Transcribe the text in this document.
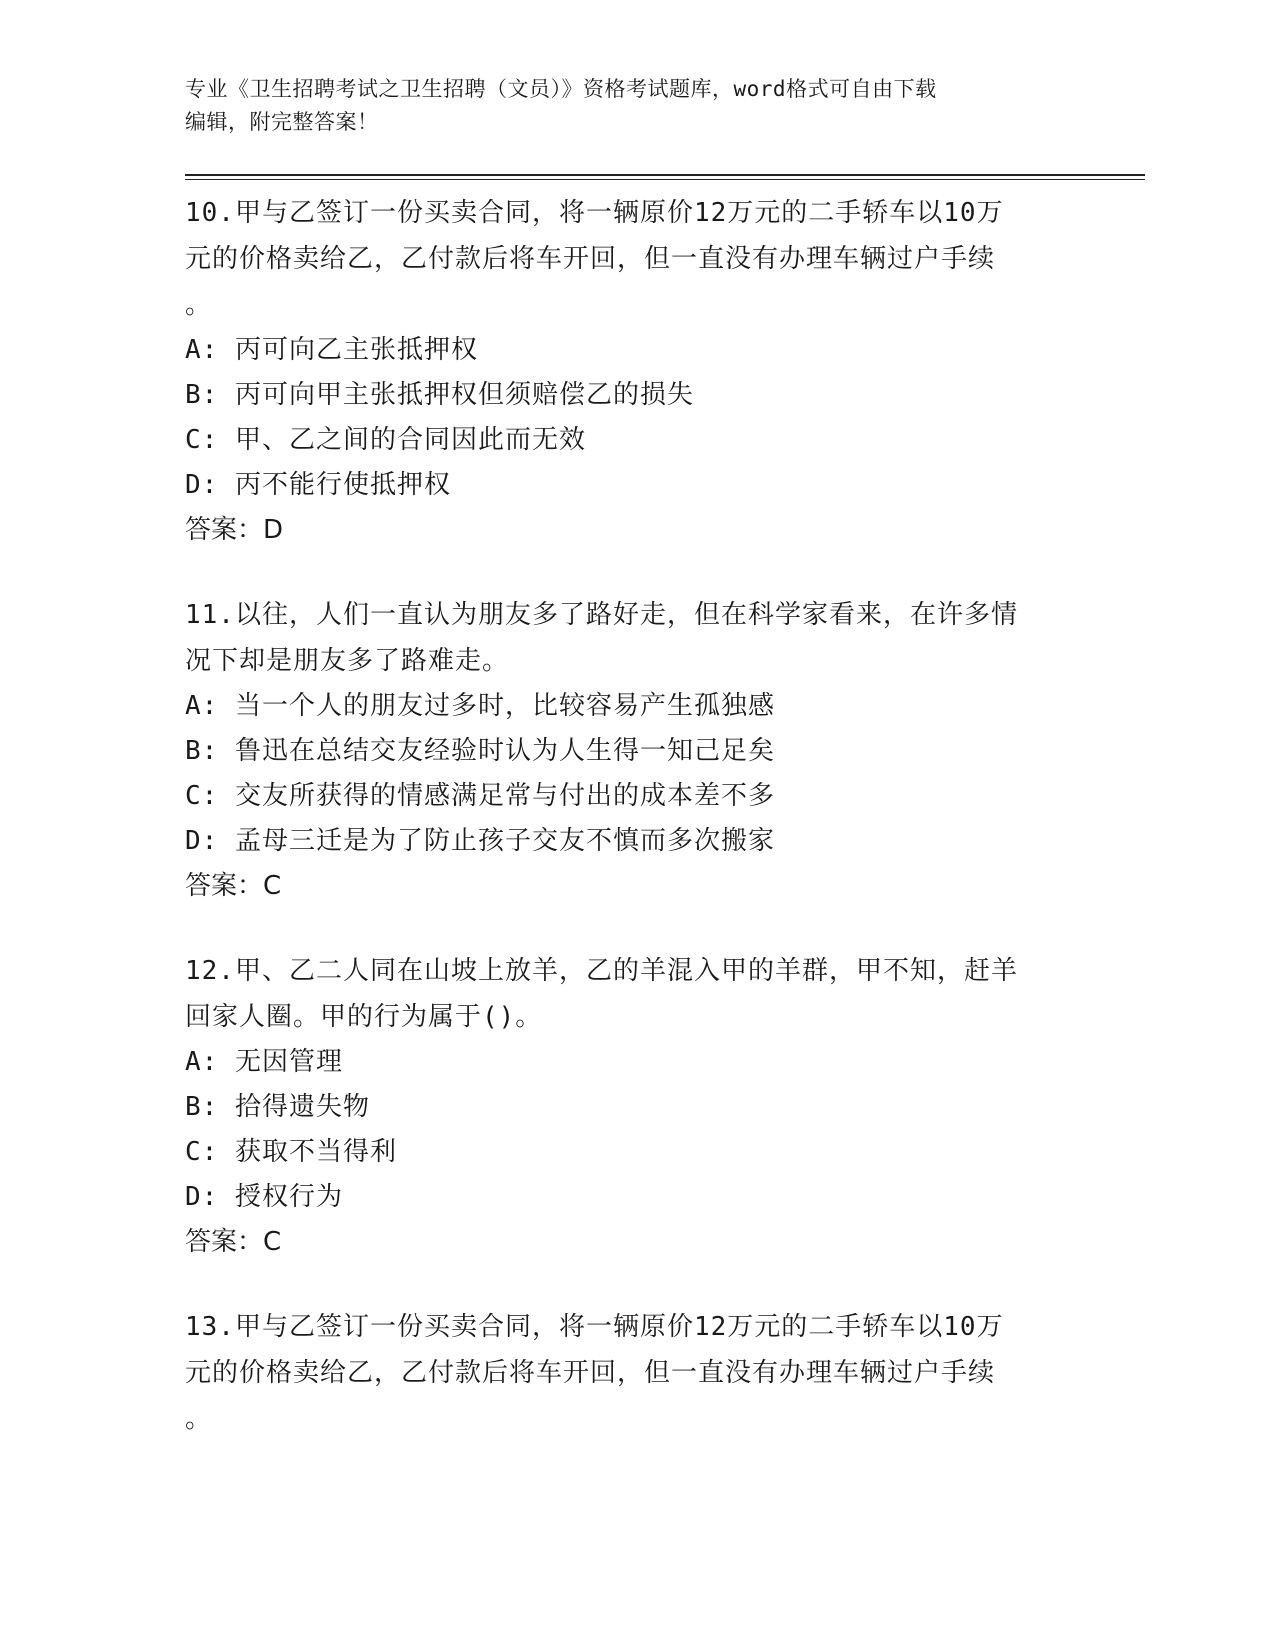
专业《卫生招聘考试之卫生招聘（文员）》资格考试题库，word格式可自由下载
编辑，附完整答案！
10.甲与乙签订一份买卖合同，将一辆原价12万元的二手轿车以10万
元的价格卖给乙，乙付款后将车开回，但一直没有办理车辆过户手续
。
A: 丙可向乙主张抵押权
B: 丙可向甲主张抵押权但须赔偿乙的损失
C: 甲、乙之间的合同因此而无效
D: 丙不能行使抵押权
答案：D
11.以往，人们一直认为朋友多了路好走，但在科学家看来，在许多情
况下却是朋友多了路难走。
A: 当一个人的朋友过多时，比较容易产生孤独感
B: 鲁迅在总结交友经验时认为人生得一知己足矣
C: 交友所获得的情感满足常与付出的成本差不多
D: 孟母三迁是为了防止孩子交友不慎而多次搬家
答案：C
12.甲、乙二人同在山坡上放羊，乙的羊混入甲的羊群，甲不知，赶羊
回家人圈。甲的行为属于()。
A: 无因管理
B: 拾得遗失物
C: 获取不当得利
D: 授权行为
答案：C
13.甲与乙签订一份买卖合同，将一辆原价12万元的二手轿车以10万
元的价格卖给乙，乙付款后将车开回，但一直没有办理车辆过户手续
。
